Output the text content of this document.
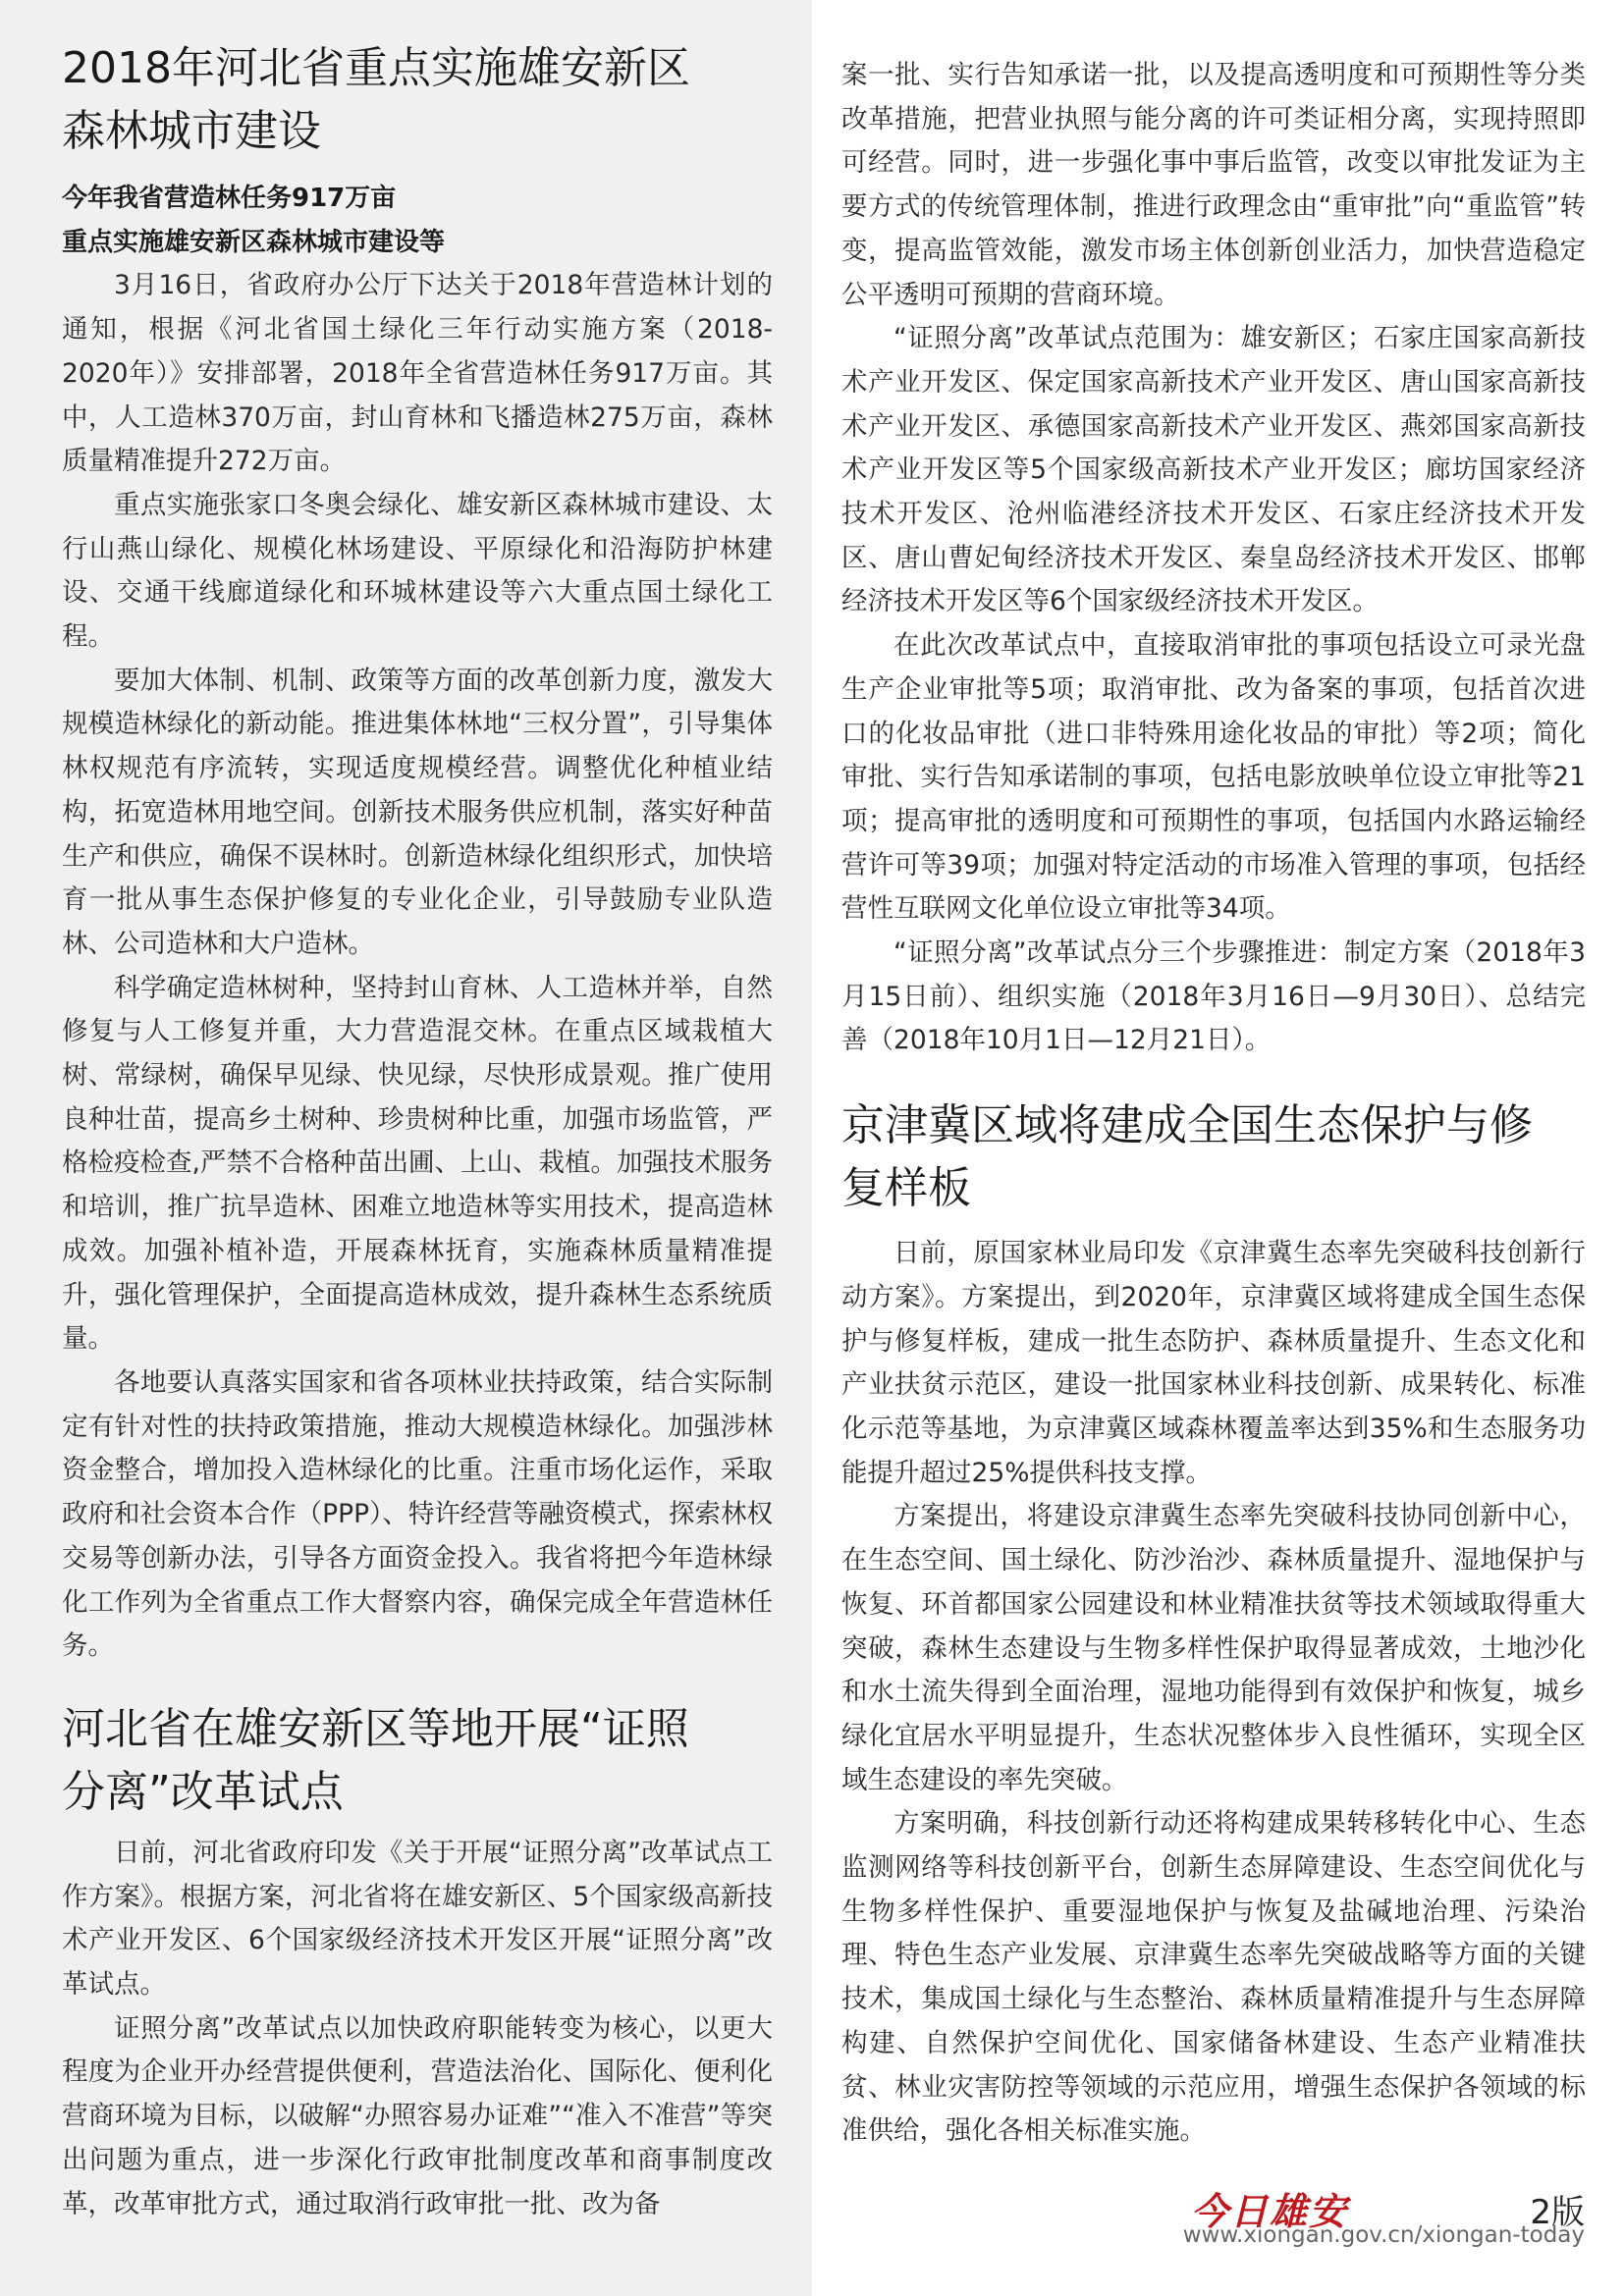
2018年河北省重点实施雄安新区
森林城市建设
今年我省营造林任务917万亩
重点实施雄安新区森林城市建设等

3月16日，省政府办公厅下达关于2018年营造林计划的通知，根据《河北省国土绿化三年行动实施方案（2018-2020年）》安排部署，2018年全省营造林任务917万亩。其中，人工造林370万亩，封山育林和飞播造林275万亩，森林质量精准提升272万亩。

重点实施张家口冬奥会绿化、雄安新区森林城市建设、太行山燕山绿化、规模化林场建设、平原绿化和沿海防护林建设、交通干线廊道绿化和环城林建设等六大重点国土绿化工程。

要加大体制、机制、政策等方面的改革创新力度，激发大规模造林绿化的新动能。推进集体林地“三权分置”，引导集体林权规范有序流转，实现适度规模经营。调整优化种植业结构，拓宽造林用地空间。创新技术服务供应机制，落实好种苗生产和供应，确保不误林时。创新造林绿化组织形式，加快培育一批从事生态保护修复的专业化企业，引导鼓励专业队造林、公司造林和大户造林。

科学确定造林树种，坚持封山育林、人工造林并举，自然修复与人工修复并重，大力营造混交林。在重点区域栽植大树、常绿树，确保早见绿、快见绿，尽快形成景观。推广使用良种壮苗，提高乡土树种、珍贵树种比重，加强市场监管，严格检疫检查,严禁不合格种苗出圃、上山、栽植。加强技术服务和培训，推广抗旱造林、困难立地造林等实用技术，提高造林成效。加强补植补造，开展森林抚育，实施森林质量精准提升，强化管理保护，全面提高造林成效，提升森林生态系统质量。

各地要认真落实国家和省各项林业扶持政策，结合实际制定有针对性的扶持政策措施，推动大规模造林绿化。加强涉林资金整合，增加投入造林绿化的比重。注重市场化运作，采取政府和社会资本合作（PPP）、特许经营等融资模式，探索林权交易等创新办法，引导各方面资金投入。我省将把今年造林绿化工作列为全省重点工作大督察内容，确保完成全年营造林任务。

河北省在雄安新区等地开展“证照
分离”改革试点

日前，河北省政府印发《关于开展“证照分离”改革试点工作方案》。根据方案，河北省将在雄安新区、5个国家级高新技术产业开发区、6个国家级经济技术开发区开展“证照分离”改革试点。

证照分离”改革试点以加快政府职能转变为核心，以更大程度为企业开办经营提供便利，营造法治化、国际化、便利化营商环境为目标，以破解“办照容易办证难”“准入不准营”等突出问题为重点，进一步深化行政审批制度改革和商事制度改革，改革审批方式，通过取消行政审批一批、改为备

案一批、实行告知承诺一批，以及提高透明度和可预期性等分类改革措施，把营业执照与能分离的许可类证相分离，实现持照即可经营。同时，进一步强化事中事后监管，改变以审批发证为主要方式的传统管理体制，推进行政理念由“重审批”向“重监管”转变，提高监管效能，激发市场主体创新创业活力，加快营造稳定公平透明可预期的营商环境。

“证照分离”改革试点范围为：雄安新区；石家庄国家高新技术产业开发区、保定国家高新技术产业开发区、唐山国家高新技术产业开发区、承德国家高新技术产业开发区、燕郊国家高新技术产业开发区等5个国家级高新技术产业开发区；廊坊国家经济技术开发区、沧州临港经济技术开发区、石家庄经济技术开发区、唐山曹妃甸经济技术开发区、秦皇岛经济技术开发区、邯郸经济技术开发区等6个国家级经济技术开发区。

在此次改革试点中，直接取消审批的事项包括设立可录光盘生产企业审批等5项；取消审批、改为备案的事项，包括首次进口的化妆品审批（进口非特殊用途化妆品的审批）等2项；简化审批、实行告知承诺制的事项，包括电影放映单位设立审批等21项；提高审批的透明度和可预期性的事项，包括国内水路运输经营许可等39项；加强对特定活动的市场准入管理的事项，包括经营性互联网文化单位设立审批等34项。

“证照分离”改革试点分三个步骤推进：制定方案（2018年3月15日前）、组织实施（2018年3月16日—9月30日）、总结完善（2018年10月1日—12月21日）。

京津冀区域将建成全国生态保护与修
复样板

日前，原国家林业局印发《京津冀生态率先突破科技创新行动方案》。方案提出，到2020年，京津冀区域将建成全国生态保护与修复样板，建成一批生态防护、森林质量提升、生态文化和产业扶贫示范区，建设一批国家林业科技创新、成果转化、标准化示范等基地，为京津冀区域森林覆盖率达到35%和生态服务功能提升超过25%提供科技支撑。

方案提出，将建设京津冀生态率先突破科技协同创新中心，在生态空间、国土绿化、防沙治沙、森林质量提升、湿地保护与恢复、环首都国家公园建设和林业精准扶贫等技术领域取得重大突破，森林生态建设与生物多样性保护取得显著成效，土地沙化和水土流失得到全面治理，湿地功能得到有效保护和恢复，城乡绿化宜居水平明显提升，生态状况整体步入良性循环，实现全区域生态建设的率先突破。

方案明确，科技创新行动还将构建成果转移转化中心、生态监测网络等科技创新平台，创新生态屏障建设、生态空间优化与生物多样性保护、重要湿地保护与恢复及盐碱地治理、污染治理、特色生态产业发展、京津冀生态率先突破战略等方面的关键技术，集成国土绿化与生态整治、森林质量精准提升与生态屏障构建、自然保护空间优化、国家储备林建设、生态产业精准扶贫、林业灾害防控等领域的示范应用，增强生态保护各领域的标准供给，强化各相关标准实施。

今日雄安	2版
www.xiongan.gov.cn/xiongan-today
